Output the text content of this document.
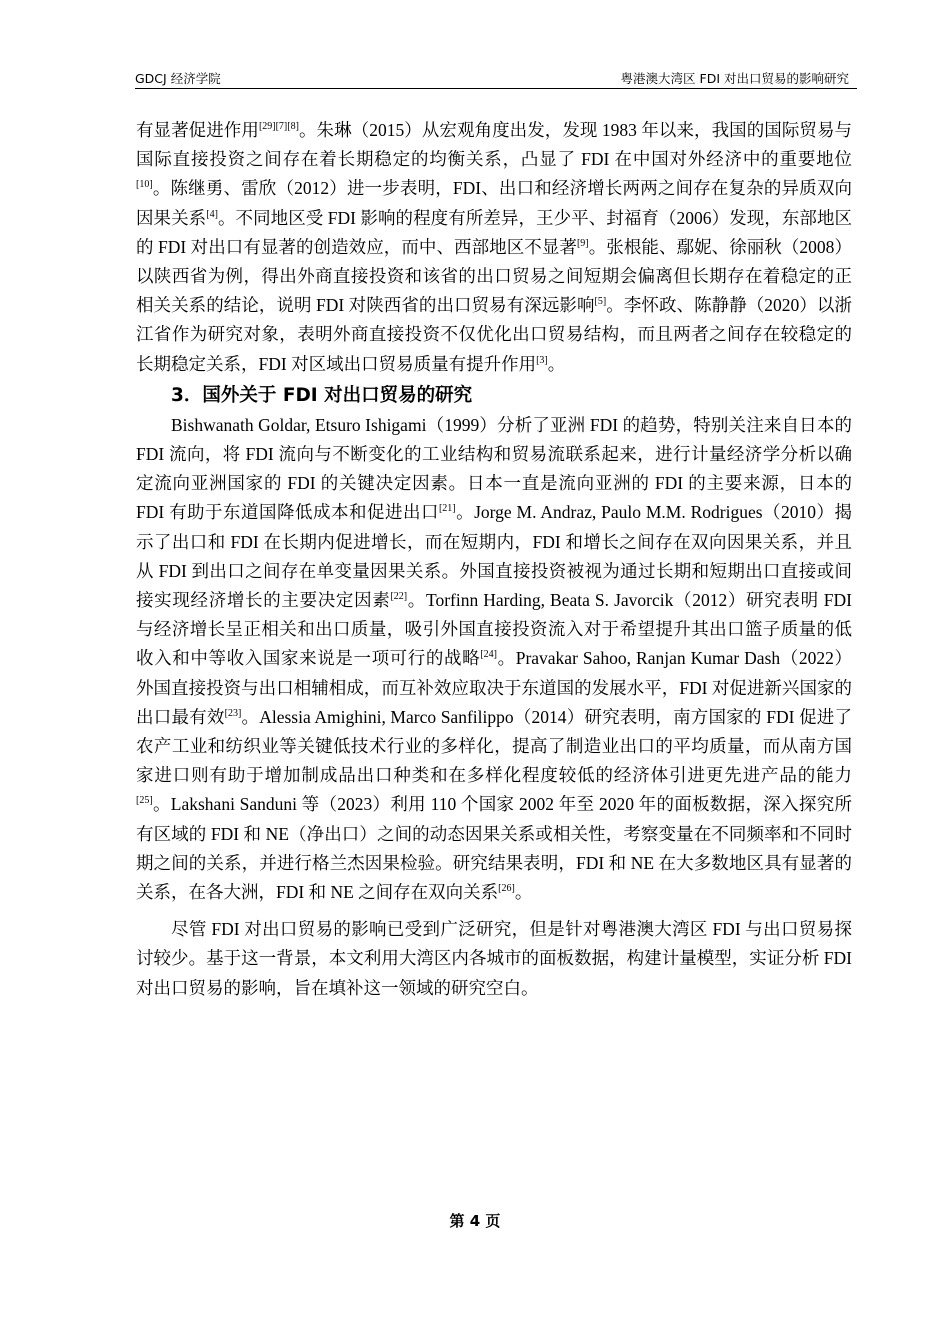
GDCJ 经济学院	粤港澳大湾区 FDI 对出口贸易的影响研究

有显著促进作用[29][7][8]。朱琳（2015）从宏观角度出发，发现 1983 年以来，我国的国际贸易与国际直接投资之间存在着长期稳定的均衡关系，凸显了 FDI 在中国对外经济中的重要地位[10]。陈继勇、雷欣（2012）进一步表明，FDI、出口和经济增长两两之间存在复杂的异质双向因果关系[4]。不同地区受 FDI 影响的程度有所差异，王少平、封福育（2006）发现，东部地区的 FDI 对出口有显著的创造效应，而中、西部地区不显著[9]。张根能、鄢妮、徐丽秋（2008）以陕西省为例，得出外商直接投资和该省的出口贸易之间短期会偏离但长期存在着稳定的正相关关系的结论，说明 FDI 对陕西省的出口贸易有深远影响[5]。李怀政、陈静静（2020）以浙江省作为研究对象，表明外商直接投资不仅优化出口贸易结构，而且两者之间存在较稳定的长期稳定关系，FDI 对区域出口贸易质量有提升作用[3]。

3．国外关于 FDI 对出口贸易的研究

Bishwanath Goldar, Etsuro Ishigami（1999）分析了亚洲 FDI 的趋势，特别关注来自日本的 FDI 流向，将 FDI 流向与不断变化的工业结构和贸易流联系起来，进行计量经济学分析以确定流向亚洲国家的 FDI 的关键决定因素。日本一直是流向亚洲的 FDI 的主要来源，日本的 FDI 有助于东道国降低成本和促进出口[21]。Jorge M. Andraz, Paulo M.M. Rodrigues（2010）揭示了出口和 FDI 在长期内促进增长，而在短期内，FDI 和增长之间存在双向因果关系，并且从 FDI 到出口之间存在单变量因果关系。外国直接投资被视为通过长期和短期出口直接或间接实现经济增长的主要决定因素[22]。Torfinn Harding, Beata S. Javorcik（2012）研究表明 FDI 与经济增长呈正相关和出口质量，吸引外国直接投资流入对于希望提升其出口篮子质量的低收入和中等收入国家来说是一项可行的战略[24]。Pravakar Sahoo, Ranjan Kumar Dash（2022）外国直接投资与出口相辅相成，而互补效应取决于东道国的发展水平，FDI 对促进新兴国家的出口最有效[23]。Alessia Amighini, Marco Sanfilippo（2014）研究表明，南方国家的 FDI 促进了农产工业和纺织业等关键低技术行业的多样化，提高了制造业出口的平均质量，而从南方国家进口则有助于增加制成品出口种类和在多样化程度较低的经济体引进更先进产品的能力[25]。Lakshani Sanduni 等（2023）利用 110 个国家 2002 年至 2020 年的面板数据，深入探究所有区域的 FDI 和 NE（净出口）之间的动态因果关系或相关性，考察变量在不同频率和不同时期之间的关系，并进行格兰杰因果检验。研究结果表明，FDI 和 NE 在大多数地区具有显著的关系，在各大洲，FDI 和 NE 之间存在双向关系[26]。

尽管 FDI 对出口贸易的影响已受到广泛研究，但是针对粤港澳大湾区 FDI 与出口贸易探讨较少。基于这一背景，本文利用大湾区内各城市的面板数据，构建计量模型，实证分析 FDI 对出口贸易的影响，旨在填补这一领域的研究空白。

第 4 页
